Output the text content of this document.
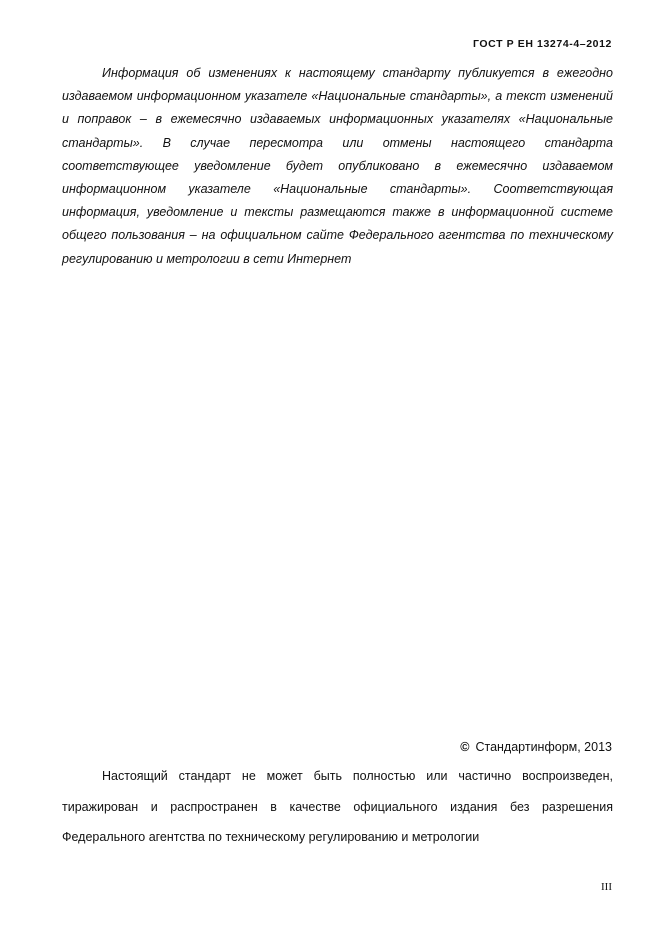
ГОСТ Р ЕН 13274-4–2012

Информация об изменениях к настоящему стандарту публикуется в ежегодно издаваемом информационном указателе «Национальные стандарты», а текст изменений и поправок – в ежемесячно издаваемых информационных указателях «Национальные стандарты». В случае пересмотра или отмены настоящего стандарта соответствующее уведомление будет опубликовано в ежемесячно издаваемом информационном указателе «Национальные стандарты». Соответствующая информация, уведомление и тексты размещаются также в информационной системе общего пользования – на официальном сайте Федерального агентства по техническому регулированию и метрологии в сети Интернет

© Стандартинформ, 2013

Настоящий стандарт не может быть полностью или частично воспроизведен, тиражирован и распространен в качестве официального издания без разрешения Федерального агентства по техническому регулированию и метрологии

III
